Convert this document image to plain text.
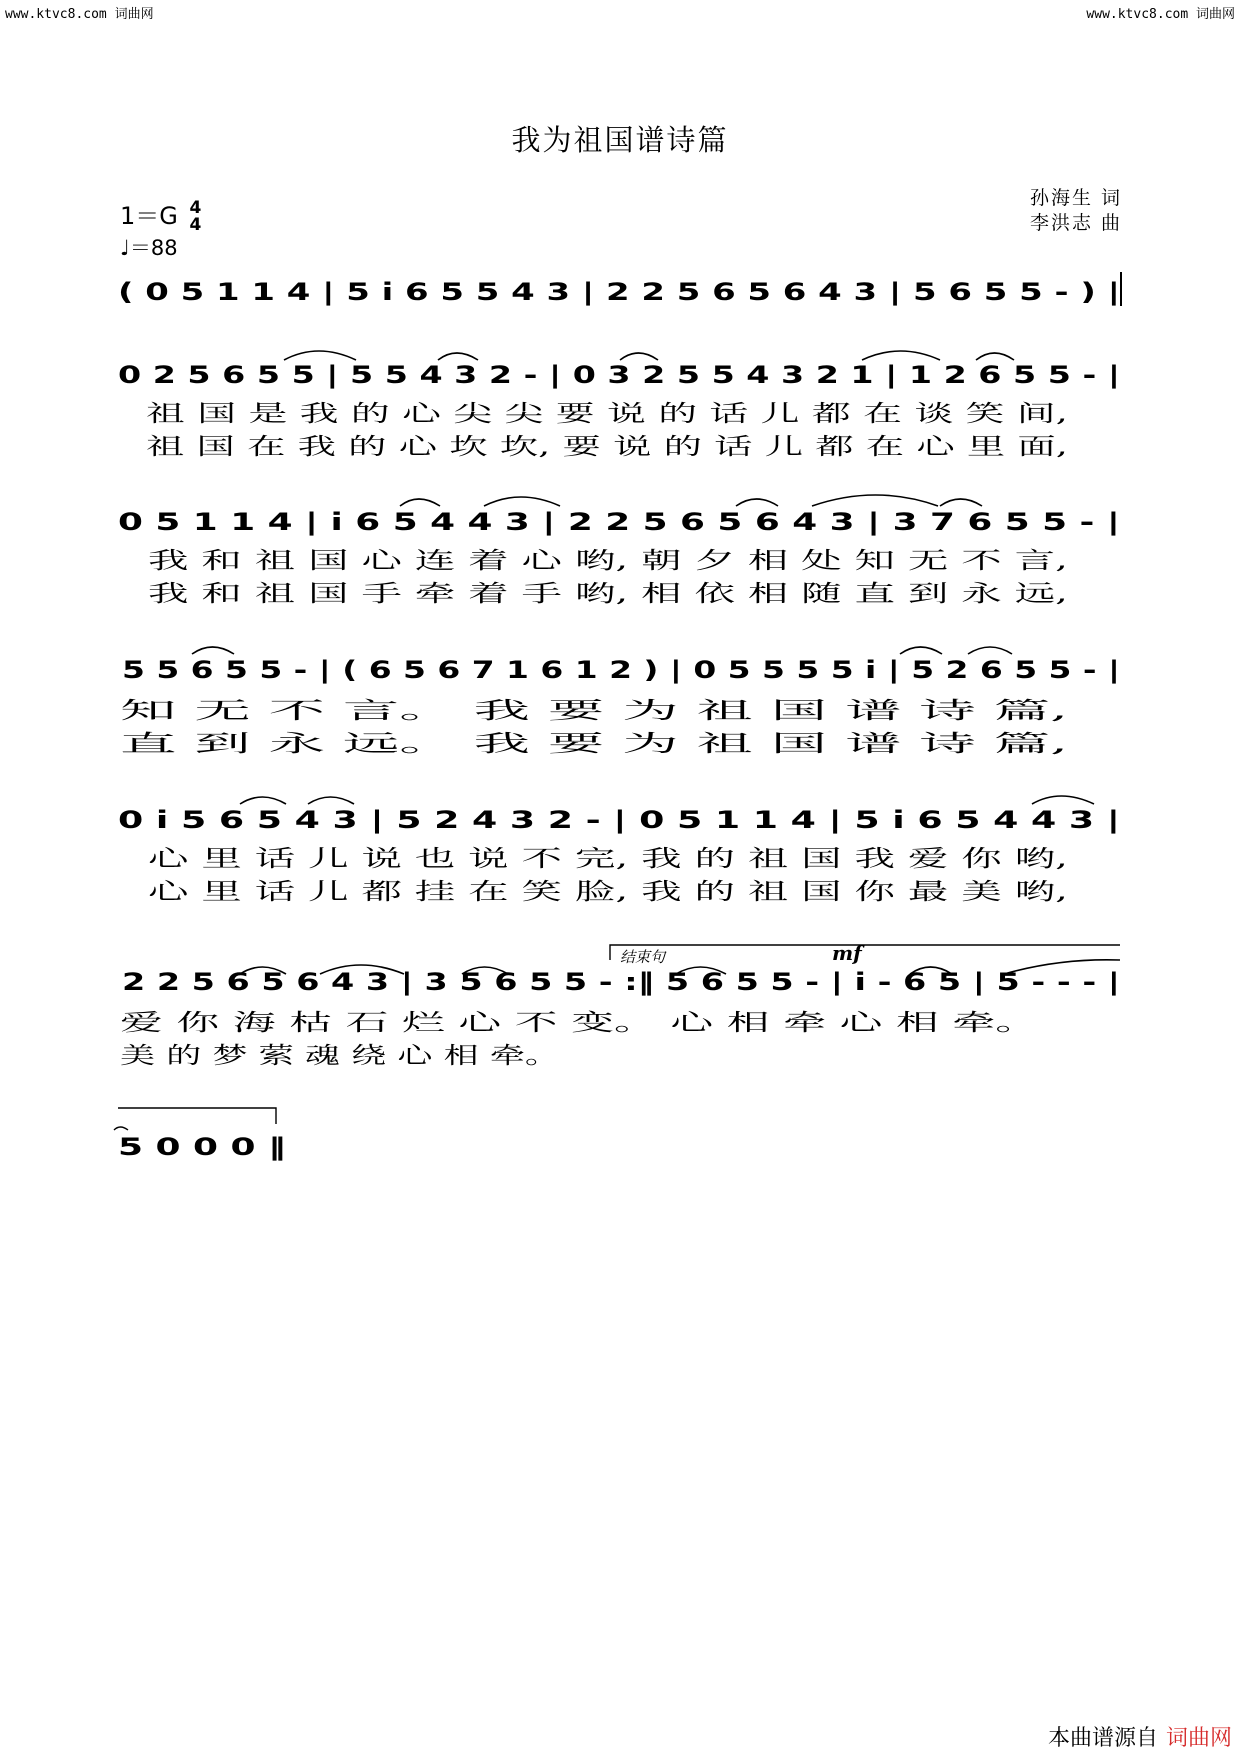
www.ktvc8.com 词曲网	www.ktvc8.com 词曲网
我为祖国谱诗篇
1＝G 4
4
♩＝88
孙海生 词
李洪志 曲
( 0 5 1 1 4 | 5 i 6 5 5 4 3 | 2 2 5 6 5 6 4 3 | 5 6 5 5 - ) |
0 2 5 6 5 5 | 5 5 4 3 2 - | 0 3 2 5 5 4 3 2 1 | 1 2 6 5 5 - |
祖 国 是 我 的 心 尖 尖 要 说 的 话 儿 都 在 谈 笑 间,
祖 国 在 我 的 心 坎 坎, 要 说 的 话 儿 都 在 心 里 面,
0 5 1 1 4 | i 6 5 4 4 3 | 2 2 5 6 5 6 4 3 | 3 7 6 5 5 - |
我 和 祖 国 心 连 着 心 哟, 朝 夕 相 处 知 无 不 言,
我 和 祖 国 手 牵 着 手 哟, 相 依 相 随 直 到 永 远,
5 5 6 5 5 - | ( 6 5 6 7 1 6 1 2 ) | 0 5 5 5 5 i | 5 2 6 5 5 - |
知 无 不 言。 我 要 为 祖 国 谱 诗 篇,
直 到 永 远。 我 要 为 祖 国 谱 诗 篇,
0 i 5 6 5 4 3 | 5 2 4 3 2 - | 0 5 1 1 4 | 5 i 6 5 4 4 3 |
心 里 话 儿 说 也 说 不 完, 我 的 祖 国 我 爱 你 哟,
心 里 话 儿 都 挂 在 笑 脸, 我 的 祖 国 你 最 美 哟,
结束句	mf
2 2 5 6 5 6 4 3 | 3 5 6 5 5 - :‖ 5 6 5 5 - | i - 6 5 | 5 - - - |
爱 你 海 枯 石 烂 心 不 变。 心 相 牵 心 相 牵。
美 的 梦 萦 魂 绕 心 相 牵。
5 0 0 0 ‖
本曲谱源自 词曲网
